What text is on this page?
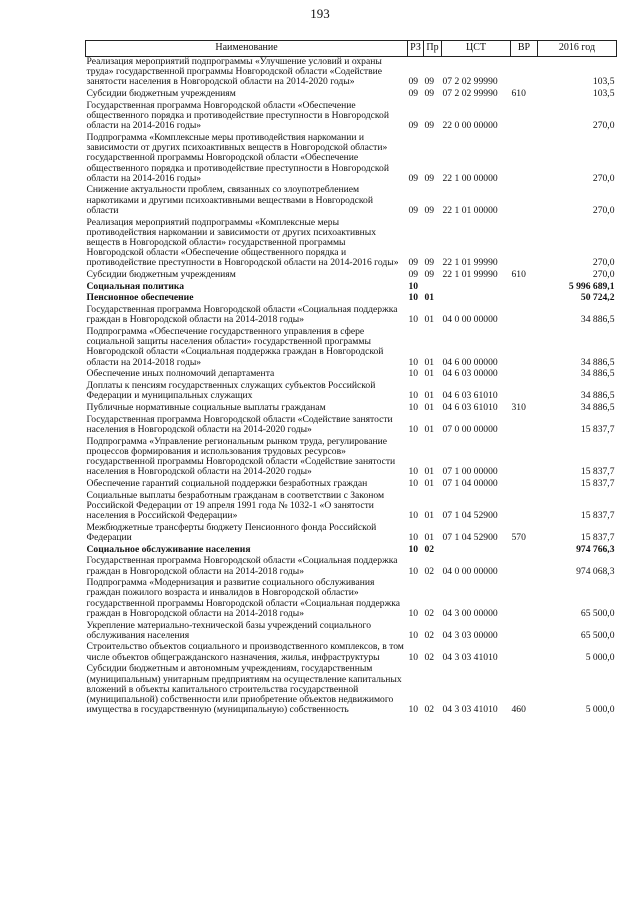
193
Наименование	РЗ	Пр	ЦСТ	ВР	2016 год
Реализация мероприятий подпрограммы «Улучшение условий и охраны труда» государственной программы Новгородской области «Содействие занятости населения в Новгородской области на 2014-2020 годы»	09	09	07 2 02 99990		103,5
Субсидии бюджетным учреждениям	09	09	07 2 02 99990	610	103,5
Государственная программа Новгородской области «Обеспечение общественного порядка и противодействие преступности в Новгородской области на 2014-2016 годы»	09	09	22 0 00 00000		270,0
Подпрограмма «Комплексные меры противодействия наркомании и зависимости от других психоактивных веществ в Новгородской области» государственной программы Новгородской области «Обеспечение общественного порядка и противодействие преступности в Новгородской области на 2014-2016 годы»	09	09	22 1 00 00000		270,0
Снижение актуальности проблем, связанных со злоупотреблением наркотиками и другими психоактивными веществами в Новгородской области	09	09	22 1 01 00000		270,0
Реализация мероприятий подпрограммы «Комплексные меры противодействия наркомании и зависимости от других психоактивных веществ в Новгородской области» государственной программы Новгородской области «Обеспечение общественного порядка и противодействие преступности в Новгородской области на 2014-2016 годы»	09	09	22 1 01 99990		270,0
Субсидии бюджетным учреждениям	09	09	22 1 01 99990	610	270,0
Социальная политика	10				5 996 689,1
Пенсионное обеспечение	10	01			50 724,2
Государственная программа Новгородской области «Социальная поддержка граждан в Новгородской области на 2014-2018 годы»	10	01	04 0 00 00000		34 886,5
Подпрограмма «Обеспечение государственного управления в сфере социальной защиты населения области» государственной программы Новгородской области «Социальная поддержка граждан в Новгородской области на 2014-2018 годы»	10	01	04 6 00 00000		34 886,5
Обеспечение иных полномочий департамента	10	01	04 6 03 00000		34 886,5
Доплаты к пенсиям государственных служащих субъектов Российской Федерации и муниципальных служащих	10	01	04 6 03 61010		34 886,5
Публичные нормативные социальные выплаты гражданам	10	01	04 6 03 61010	310	34 886,5
Государственная программа Новгородской области «Содействие занятости населения в Новгородской области на 2014-2020 годы»	10	01	07 0 00 00000		15 837,7
Подпрограмма «Управление региональным рынком труда, регулирование процессов формирования и использования трудовых ресурсов» государственной программы Новгородской области «Содействие занятости населения в Новгородской области на 2014-2020 годы»	10	01	07 1 00 00000		15 837,7
Обеспечение гарантий социальной поддержки безработных граждан	10	01	07 1 04 00000		15 837,7
Социальные выплаты безработным гражданам в соответствии с Законом Российской Федерации от 19 апреля 1991 года № 1032-1 «О занятости населения в Российской Федерации»	10	01	07 1 04 52900		15 837,7
Межбюджетные трансферты бюджету Пенсионного фонда Российской Федерации	10	01	07 1 04 52900	570	15 837,7
Социальное обслуживание населения	10	02			974 766,3
Государственная программа Новгородской области «Социальная поддержка граждан в Новгородской области на 2014-2018 годы»	10	02	04 0 00 00000		974 068,3
Подпрограмма «Модернизация и развитие социального обслуживания граждан пожилого возраста и инвалидов в Новгородской области» государственной программы Новгородской области «Социальная поддержка граждан в Новгородской области на 2014-2018 годы»	10	02	04 3 00 00000		65 500,0
Укрепление материально-технической базы учреждений социального обслуживания населения	10	02	04 3 03 00000		65 500,0
Строительство объектов социального и производственного комплексов, в том числе объектов общегражданского назначения, жилья, инфраструктуры	10	02	04 3 03 41010		5 000,0
Субсидии бюджетным и автономным учреждениям, государственным (муниципальным) унитарным предприятиям на осуществление капитальных вложений в объекты капитального строительства государственной (муниципальной) собственности или приобретение объектов недвижимого имущества в государственную (муниципальную) собственность	10	02	04 3 03 41010	460	5 000,0
